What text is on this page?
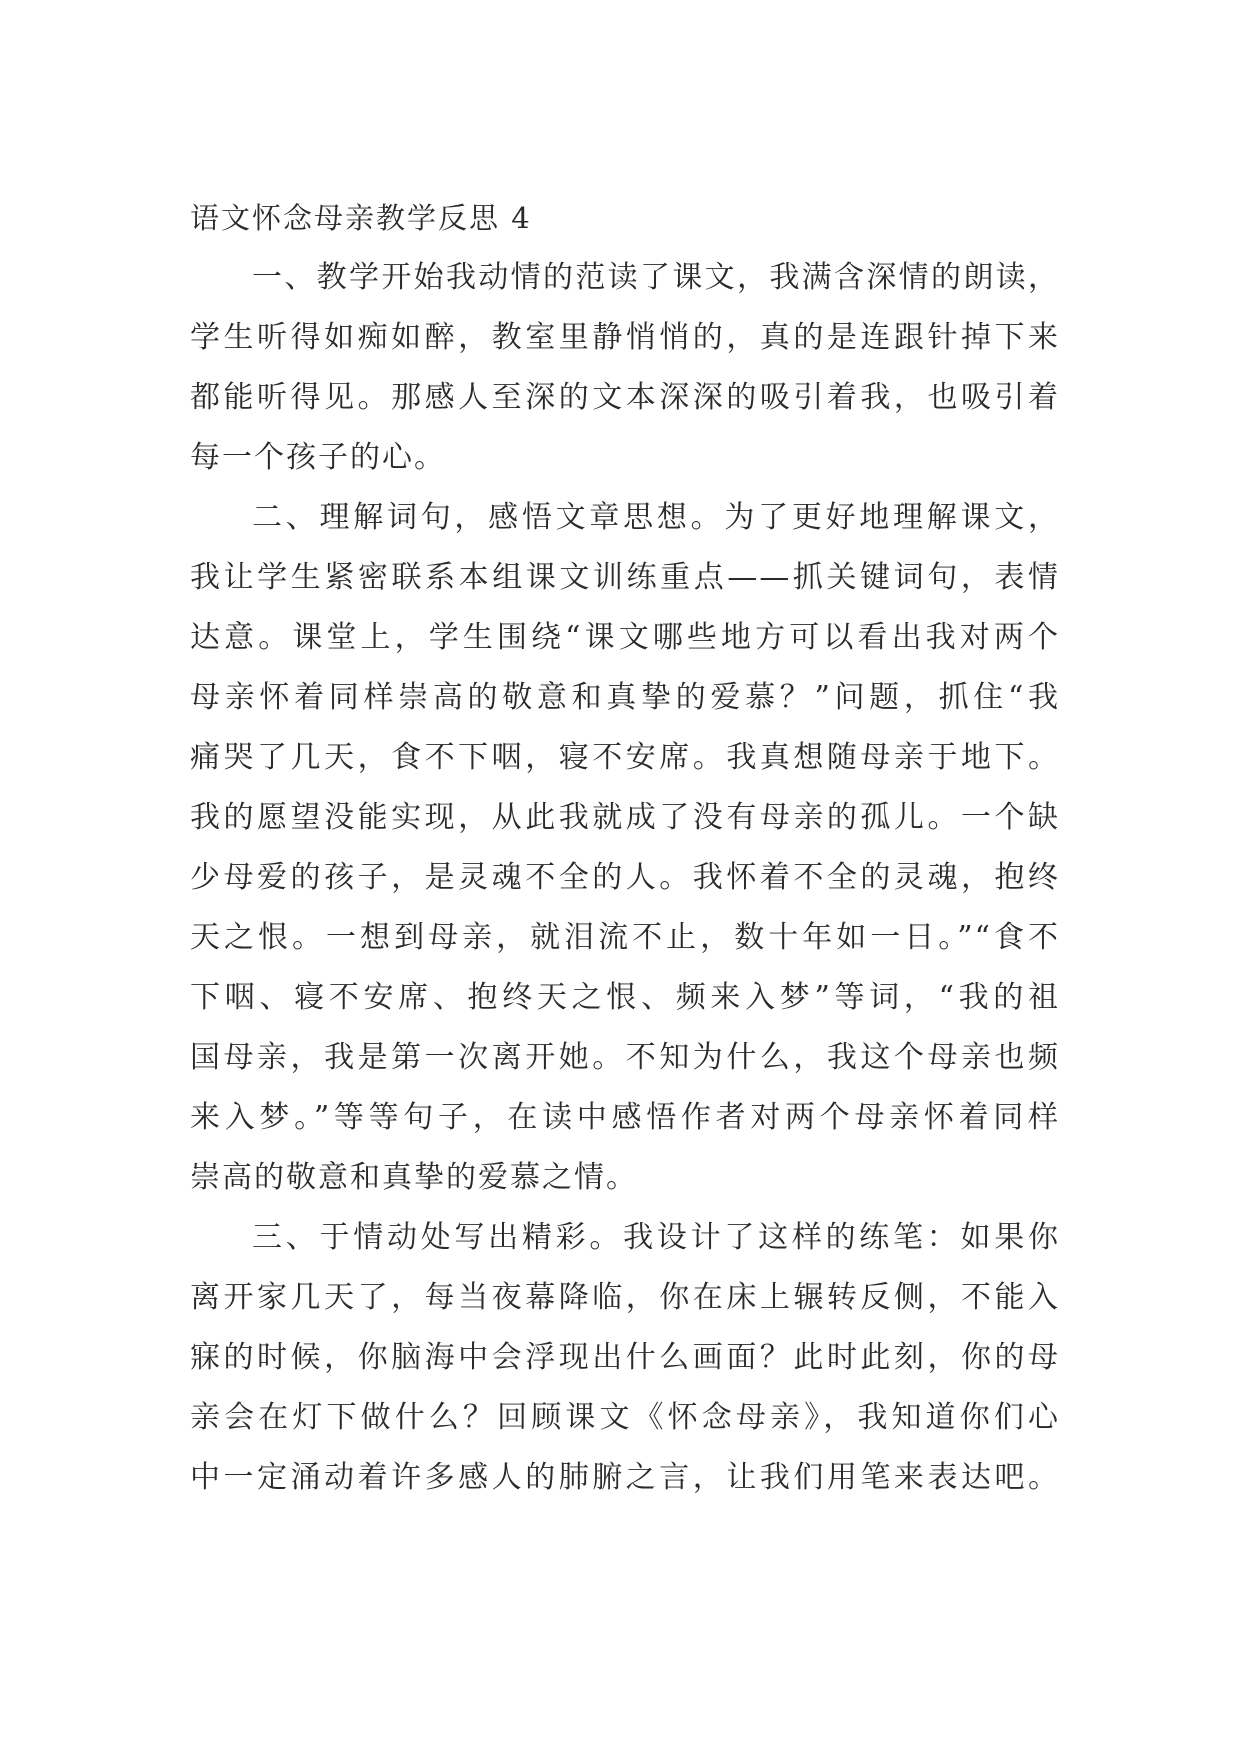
语文怀念母亲教学反思 4

一、教学开始我动情的范读了课文，我满含深情的朗读，
学生听得如痴如醉，教室里静悄悄的，真的是连跟针掉下来
都能听得见。那感人至深的文本深深的吸引着我，也吸引着
每一个孩子的心。

二、理解词句，感悟文章思想。为了更好地理解课文，
我让学生紧密联系本组课文训练重点——抓关键词句，表情
达意。课堂上，学生围绕“课文哪些地方可以看出我对两个
母亲怀着同样崇高的敬意和真挚的爱慕？”问题，抓住“我
痛哭了几天，食不下咽，寝不安席。我真想随母亲于地下。
我的愿望没能实现，从此我就成了没有母亲的孤儿。一个缺
少母爱的孩子，是灵魂不全的人。我怀着不全的灵魂，抱终
天之恨。一想到母亲，就泪流不止，数十年如一日。”“食不
下咽、寝不安席、抱终天之恨、频来入梦”等词，“我的祖
国母亲，我是第一次离开她。不知为什么，我这个母亲也频
来入梦。”等等句子，在读中感悟作者对两个母亲怀着同样
崇高的敬意和真挚的爱慕之情。

三、于情动处写出精彩。我设计了这样的练笔：如果你
离开家几天了，每当夜幕降临，你在床上辗转反侧，不能入
寐的时候，你脑海中会浮现出什么画面？此时此刻，你的母
亲会在灯下做什么？回顾课文《怀念母亲》，我知道你们心
中一定涌动着许多感人的肺腑之言，让我们用笔来表达吧。
